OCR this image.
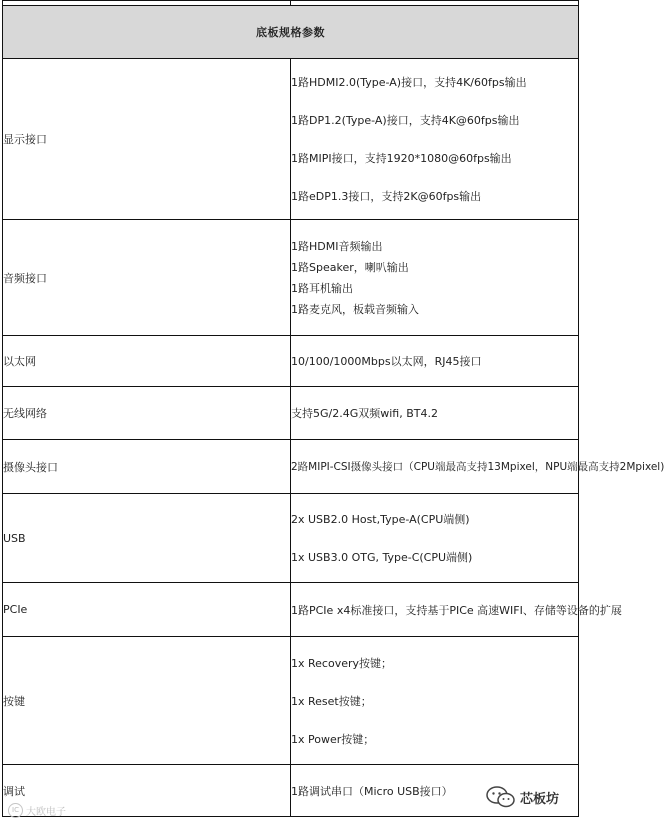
底板规格参数	
显示接口	1路HDMI2.0(Type-A)接口，支持4K/60fps输出

1路DP1.2(Type-A)接口，支持4K@60fps输出

1路MIPI接口，支持1920*1080@60fps输出

1路eDP1.3接口，支持2K@60fps输出

音频接口	1路HDMI音频输出

1路Speaker，喇叭输出

1路耳机输出

1路麦克风，板载音频输入

以太网	10/100/1000Mbps以太网，RJ45接口

无线网络	支持5G/2.4G双频wifi, BT4.2

摄像头接口	2路MIPI-CSI摄像头接口（CPU端最高支持13Mpixel，NPU端最高支持2Mpixel)

USB	2x USB2.0 Host,Type-A(CPU端侧)

1x USB3.0 OTG, Type-C(CPU端侧)

PCIe	1路PCIe x4标准接口，支持基于PICe 高速WIFI、存储等设备的扩展

按键	1x Recovery按键；

1x Reset按键；

1x Power按键；

调试	1路调试串口（Micro USB接口）

IC 大欧电子
芯板坊
